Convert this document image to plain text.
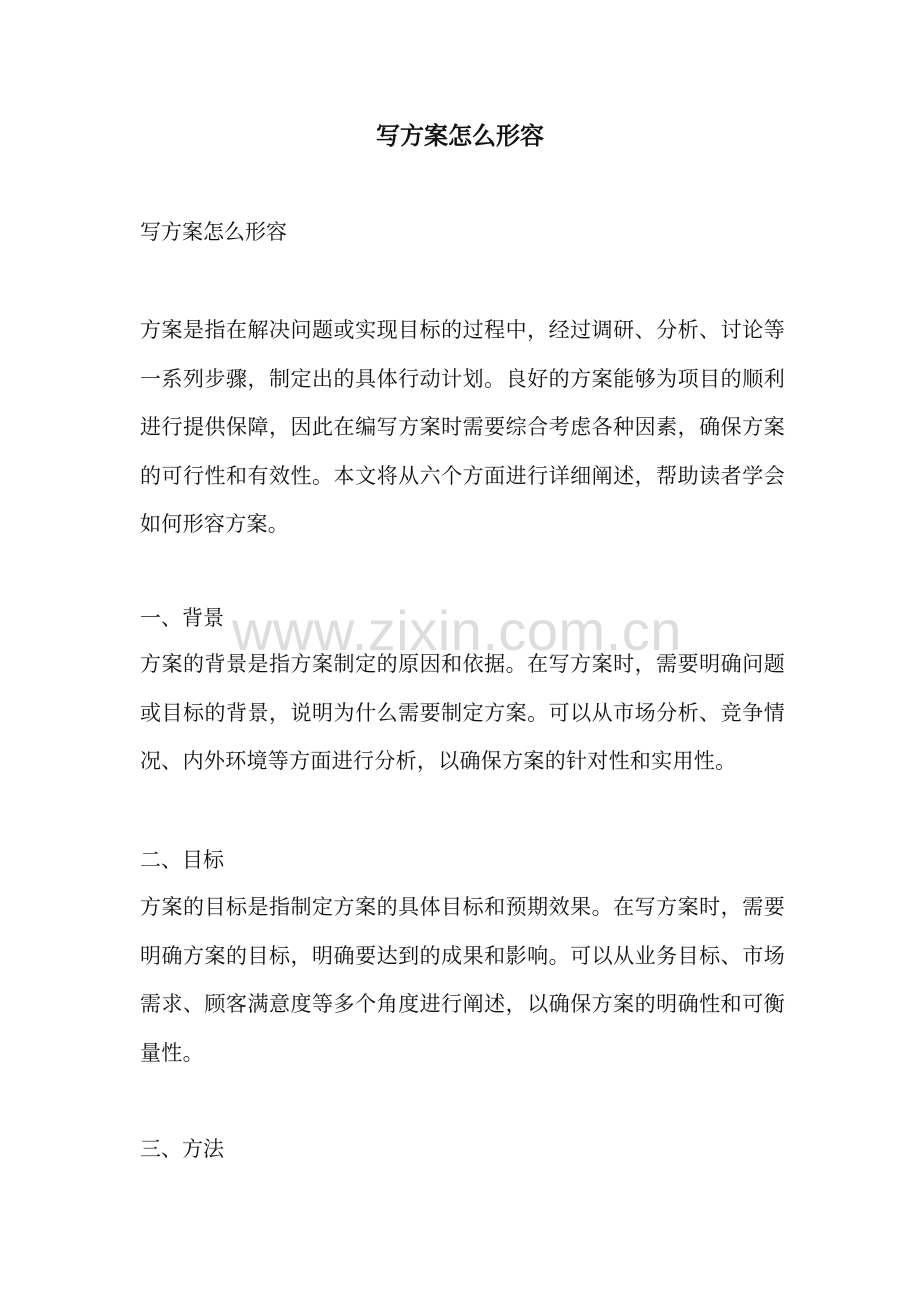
写方案怎么形容

写方案怎么形容

方案是指在解决问题或实现目标的过程中，经过调研、分析、讨论等一系列步骤，制定出的具体行动计划。良好的方案能够为项目的顺利进行提供保障，因此在编写方案时需要综合考虑各种因素，确保方案的可行性和有效性。本文将从六个方面进行详细阐述，帮助读者学会如何形容方案。

一、背景

方案的背景是指方案制定的原因和依据。在写方案时，需要明确问题或目标的背景，说明为什么需要制定方案。可以从市场分析、竞争情况、内外环境等方面进行分析，以确保方案的针对性和实用性。

二、目标

方案的目标是指制定方案的具体目标和预期效果。在写方案时，需要明确方案的目标，明确要达到的成果和影响。可以从业务目标、市场需求、顾客满意度等多个角度进行阐述，以确保方案的明确性和可衡量性。

三、方法

www.zixin.com.cn
